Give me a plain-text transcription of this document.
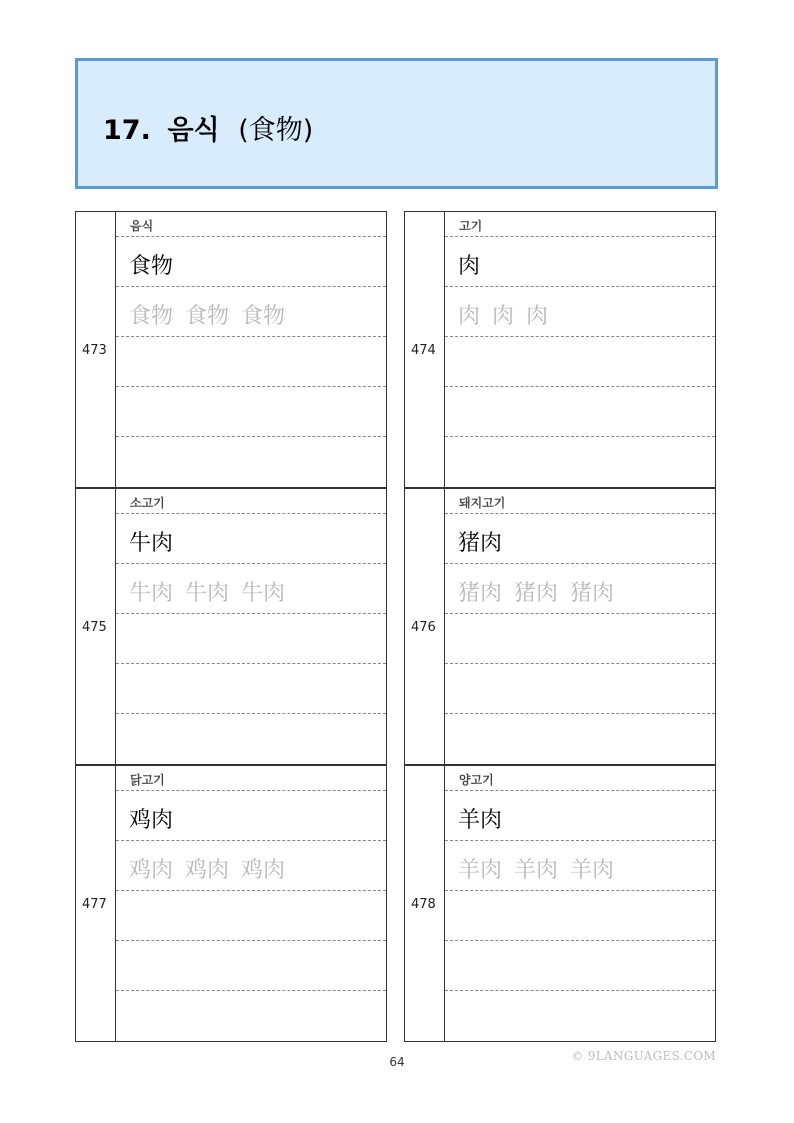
17. 음식 (食物)
473
음식
食物
食物 食物 食物
474
고기
肉
肉 肉 肉
475
소고기
牛肉
牛肉 牛肉 牛肉
476
돼지고기
猪肉
猪肉 猪肉 猪肉
477
닭고기
鸡肉
鸡肉 鸡肉 鸡肉
478
양고기
羊肉
羊肉 羊肉 羊肉
64	© 9LANGUAGES.COM
